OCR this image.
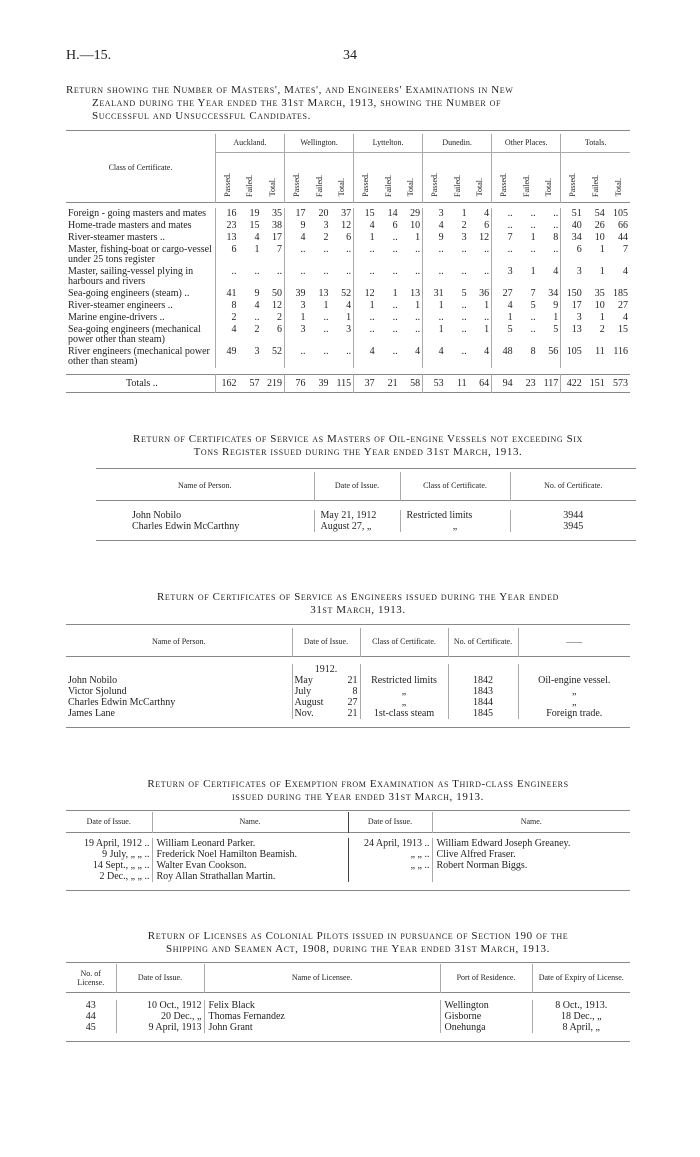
H.—15.	34
Return showing the Number of Masters', Mates', and Engineers' Examinations in New
Zealand during the Year ended the 31st March, 1913, showing the Number of
Successful and Unsuccessful Candidates.
Class of Certificate.	Auckland.			Wellington.			Lyttelton.			Dunedin.			Other Places.			Totals.		
	Passed.	Failed.	Total.	Passed.	Failed.	Total.	Passed.	Failed.	Total.	Passed.	Failed.	Total.	Passed.	Failed.	Total.	Passed.	Failed.	Total.

Foreign - going masters and mates	16	19	35	17	20	37	15	14	29	3	1	4	..	..	..	51	54	105
Home-trade masters and mates	23	15	38	9	3	12	4	6	10	4	2	6	..	..	..	40	26	66
River-steamer masters ..	13	4	17	4	2	6	1	..	1	9	3	12	7	1	8	34	10	44
Master, fishing-boat or cargo-vessel under 25 tons register	6	1	7	..	..	..	..	..	..	..	..	..	..	..	..	6	1	7
Master, sailing-vessel plying in harbours and rivers	..	..	..	..	..	..	..	..	..	..	..	..	3	1	4	3	1	4
Sea-going engineers (steam) ..	41	9	50	39	13	52	12	1	13	31	5	36	27	7	34	150	35	185
River-steamer engineers ..	8	4	12	3	1	4	1	..	1	1	..	1	4	5	9	17	10	27
Marine engine-drivers ..	2	..	2	1	..	1	..	..	..	..	..	..	1	..	1	3	1	4
Sea-going engineers (mechanical power other than steam)	4	2	6	3	..	3	..	..	..	1	..	1	5	..	5	13	2	15
River engineers (mechanical power other than steam)	49	3	52	..	..	..	4	..	4	4	..	4	48	8	56	105	11	116

Totals ..	162	57	219	76	39	115	37	21	58	53	11	64	94	23	117	422	151	573
Return of Certificates of Service as Masters of Oil-engine Vessels not exceeding Six
Tons Register issued during the Year ended 31st March, 1913.
Name of Person.	Date of Issue.	Class of Certificate.	No. of Certificate.

John Nobilo	May 21, 1912	Restricted limits	3944
Charles Edwin McCarthny	August 27, „	„	3945

Return of Certificates of Service as Engineers issued during the Year ended
31st March, 1913.
Name of Person.	Date of Issue.		Class of Certificate.	No. of Certificate.	——

	1912.				
John Nobilo	May	21	Restricted limits	1842	Oil-engine vessel.
Victor Sjolund	July	8	„	1843	„
Charles Edwin McCarthny	August	27	„	1844	„
James Lane	Nov.	21	1st-class steam	1845	Foreign trade.

Return of Certificates of Exemption from Examination as Third-class Engineers
issued during the Year ended 31st March, 1913.
Date of Issue.	Name.	Date of Issue.	Name.

19 April, 1912 ..	William Leonard Parker.	24 April, 1913 ..	William Edward Joseph Greaney.
9 July, „ „ ..	Frederick Noel Hamilton Beamish.	„ „ ..	Clive Alfred Fraser.
14 Sept., „ „ ..	Walter Evan Cookson.	„ „ ..	Robert Norman Biggs.
2 Dec., „ „ ..	Roy Allan Strathallan Martin.		

Return of Licenses as Colonial Pilots issued in pursuance of Section 190 of the
Shipping and Seamen Act, 1908, during the Year ended 31st March, 1913.
No. of License.	Date of Issue.	Name of Licensee.	Port of Residence.	Date of Expiry of License.

43	10 Oct., 1912	Felix Black	Wellington	8 Oct., 1913.
44	20 Dec., „	Thomas Fernandez	Gisborne	18 Dec., „
45	9 April, 1913	John Grant	Onehunga	8 April, „
